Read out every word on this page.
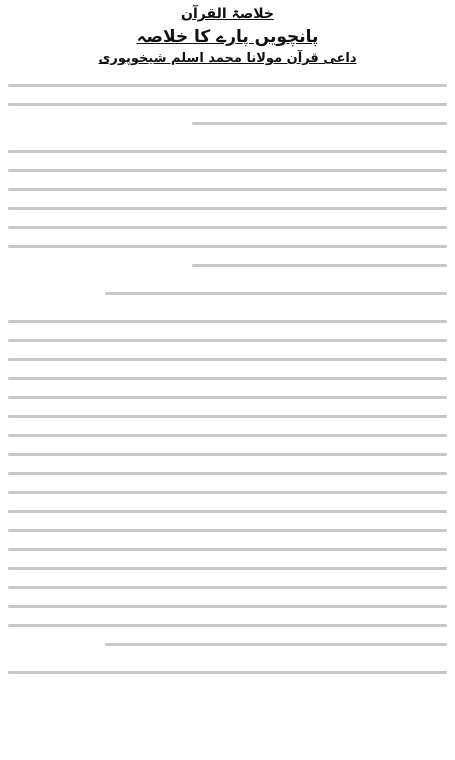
خلاصۃ القرآن
پانچویں پارے کا خلاصہ
داعی قرآن مولانا محمد اسلم شیخوپوری
